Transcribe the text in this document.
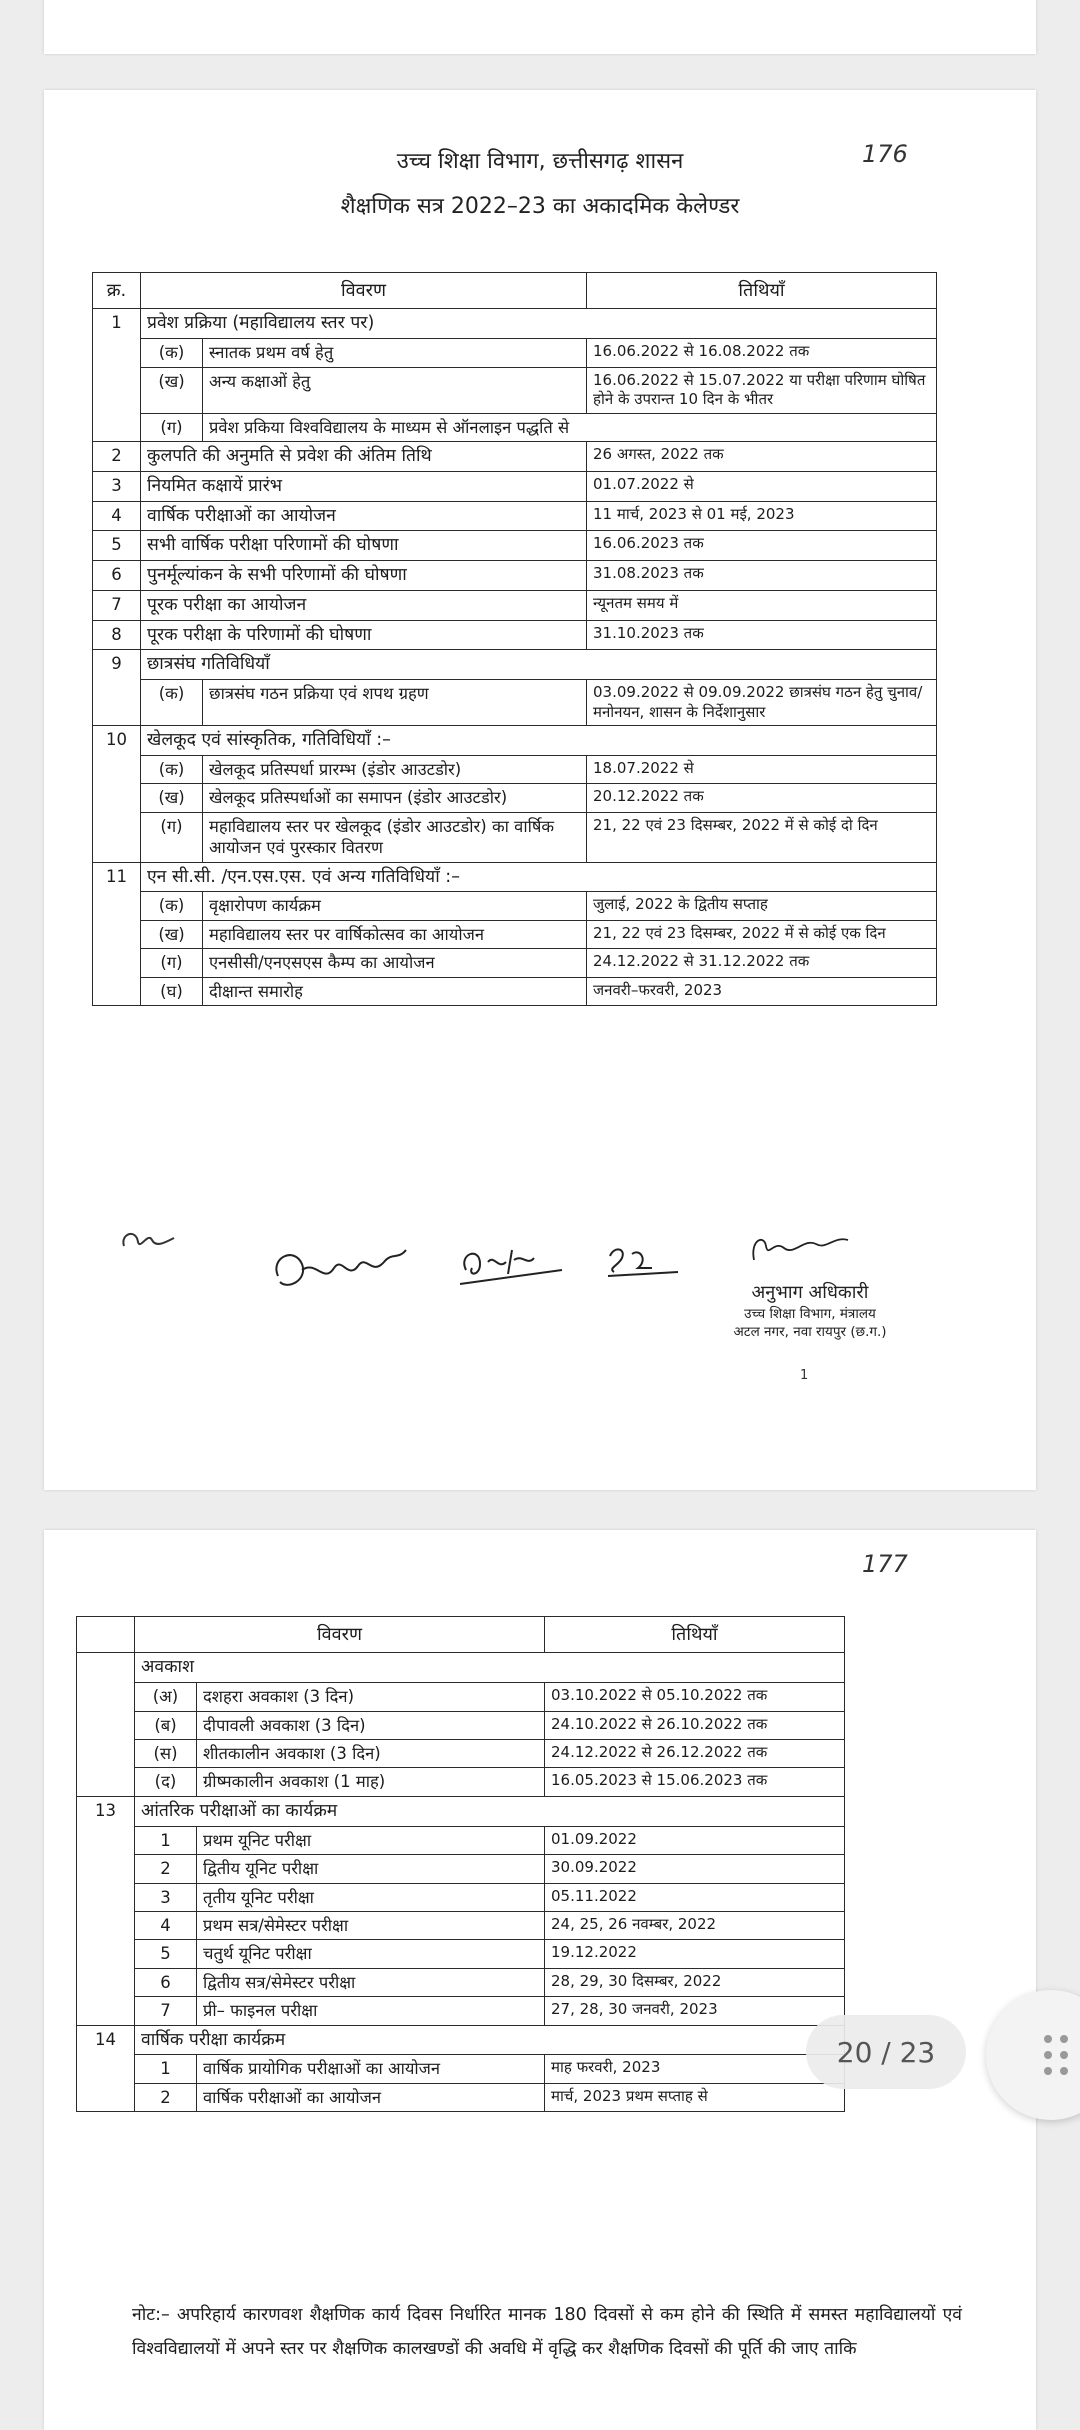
176
उच्च शिक्षा विभाग, छत्तीसगढ़ शासन
शैक्षणिक सत्र 2022–23 का अकादमिक केलेण्डर
क्र.	विवरण		तिथियाँ
1	प्रवेश प्रक्रिया (महाविद्यालय स्तर पर)		
	(क)	स्नातक प्रथम वर्ष हेतु	16.06.2022 से 16.08.2022 तक
	(ख)	अन्य कक्षाओं हेतु	16.06.2022 से 15.07.2022 या परीक्षा परिणाम घोषित होने के उपरान्त 10 दिन के भीतर
	(ग)	प्रवेश प्रकिया विश्वविद्यालय के माध्यम से ऑनलाइन पद्धति से	
2	कुलपति की अनुमति से प्रवेश की अंतिम तिथि		26 अगस्त, 2022 तक
3	नियमित कक्षायें प्रारंभ		01.07.2022 से
4	वार्षिक परीक्षाओं का आयोजन		11 मार्च, 2023 से 01 मई, 2023
5	सभी वार्षिक परीक्षा परिणामों की घोषणा		16.06.2023 तक
6	पुनर्मूल्यांकन के सभी परिणामों की घोषणा		31.08.2023 तक
7	पूरक परीक्षा का आयोजन		न्यूनतम समय में
8	पूरक परीक्षा के परिणामों की घोषणा		31.10.2023 तक
9	छात्रसंघ गतिविधियाँ		
	(क)	छात्रसंघ गठन प्रक्रिया एवं शपथ ग्रहण	03.09.2022 से 09.09.2022 छात्रसंघ गठन हेतु चुनाव/मनोनयन, शासन के निर्देशानुसार
10	खेलकूद एवं सांस्कृतिक, गतिविधियाँ :–		
	(क)	खेलकूद प्रतिस्पर्धा प्रारम्भ (इंडोर आउटडोर)	18.07.2022 से
	(ख)	खेलकूद प्रतिस्पर्धाओं का समापन (इंडोर आउटडोर)	20.12.2022 तक
	(ग)	महाविद्यालय स्तर पर खेलकूद (इंडोर आउटडोर) का वार्षिक आयोजन एवं पुरस्कार वितरण	21, 22 एवं 23 दिसम्बर, 2022 में से कोई दो दिन
11	एन सी.सी. /एन.एस.एस. एवं अन्य गतिविधियाँ :–		
	(क)	वृक्षारोपण कार्यक्रम	जुलाई, 2022 के द्वितीय सप्ताह
	(ख)	महाविद्यालय स्तर पर वार्षिकोत्सव का आयोजन	21, 22 एवं 23 दिसम्बर, 2022 में से कोई एक दिन
	(ग)	एनसीसी/एनएसएस कैम्प का आयोजन	24.12.2022 से 31.12.2022 तक
	(घ)	दीक्षान्त समारोह	जनवरी–फरवरी, 2023
अनुभाग अधिकारी
उच्च शिक्षा विभाग, मंत्रालय
अटल नगर, नवा रायपुर (छ.ग.)
1
177
	विवरण		तिथियाँ
	अवकाश		
	(अ)	दशहरा अवकाश (3 दिन)	03.10.2022 से 05.10.2022 तक
	(ब)	दीपावली अवकाश (3 दिन)	24.10.2022 से 26.10.2022 तक
	(स)	शीतकालीन अवकाश (3 दिन)	24.12.2022 से 26.12.2022 तक
	(द)	ग्रीष्मकालीन अवकाश (1 माह)	16.05.2023 से 15.06.2023 तक
13	आंतरिक परीक्षाओं का कार्यक्रम		
	1	प्रथम यूनिट परीक्षा	01.09.2022
	2	द्वितीय यूनिट परीक्षा	30.09.2022
	3	तृतीय यूनिट परीक्षा	05.11.2022
	4	प्रथम सत्र/सेमेस्टर परीक्षा	24, 25, 26 नवम्बर, 2022
	5	चतुर्थ यूनिट परीक्षा	19.12.2022
	6	द्वितीय सत्र/सेमेस्टर परीक्षा	28, 29, 30 दिसम्बर, 2022
	7	प्री– फाइनल परीक्षा	27, 28, 30 जनवरी, 2023
14	वार्षिक परीक्षा कार्यक्रम		
	1	वार्षिक प्रायोगिक परीक्षाओं का आयोजन	माह फरवरी, 2023
	2	वार्षिक परीक्षाओं का आयोजन	मार्च, 2023 प्रथम सप्ताह से
नोट:– अपरिहार्य कारणवश शैक्षणिक कार्य दिवस निर्धारित मानक 180 दिवसों से कम होने की स्थिति में समस्त महाविद्यालयों एवं विश्वविद्यालयों में अपने स्तर पर शैक्षणिक कालखण्डों की अवधि में वृद्धि कर शैक्षणिक दिवसों की पूर्ति की जाए ताकि
20 / 23
